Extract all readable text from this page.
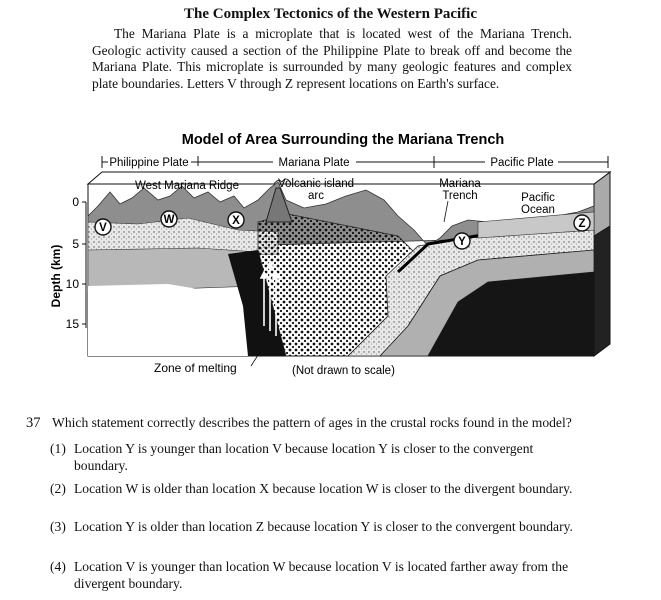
The Complex Tectonics of the Western Pacific
The Mariana Plate is a microplate that is located west of the Mariana Trench. Geologic activity caused a section of the Philippine Plate to break off and become the Mariana Plate. This microplate is surrounded by many geologic features and complex plate boundaries. Letters V through Z represent locations on Earth's surface.
Model of Area Surrounding the Mariana Trench
Philippine Plate	Mariana Plate	Pacific Plate
West Mariana Ridge	Volcanic island
arc
Mariana
Trench	Pacific
Ocean
V
W	X
Y
Z
0
5
10
15
Depth (km)
Zone of melting	(Not drawn to scale)
37 Which statement correctly describes the pattern of ages in the crustal rocks found in the model?
(1) Location Y is younger than location V because location Y is closer to the convergent boundary.
(2) Location W is older than location X because location W is closer to the divergent boundary.
(3) Location Y is older than location Z because location Y is closer to the convergent boundary.
(4) Location V is younger than location W because location V is located farther away from the divergent boundary.
